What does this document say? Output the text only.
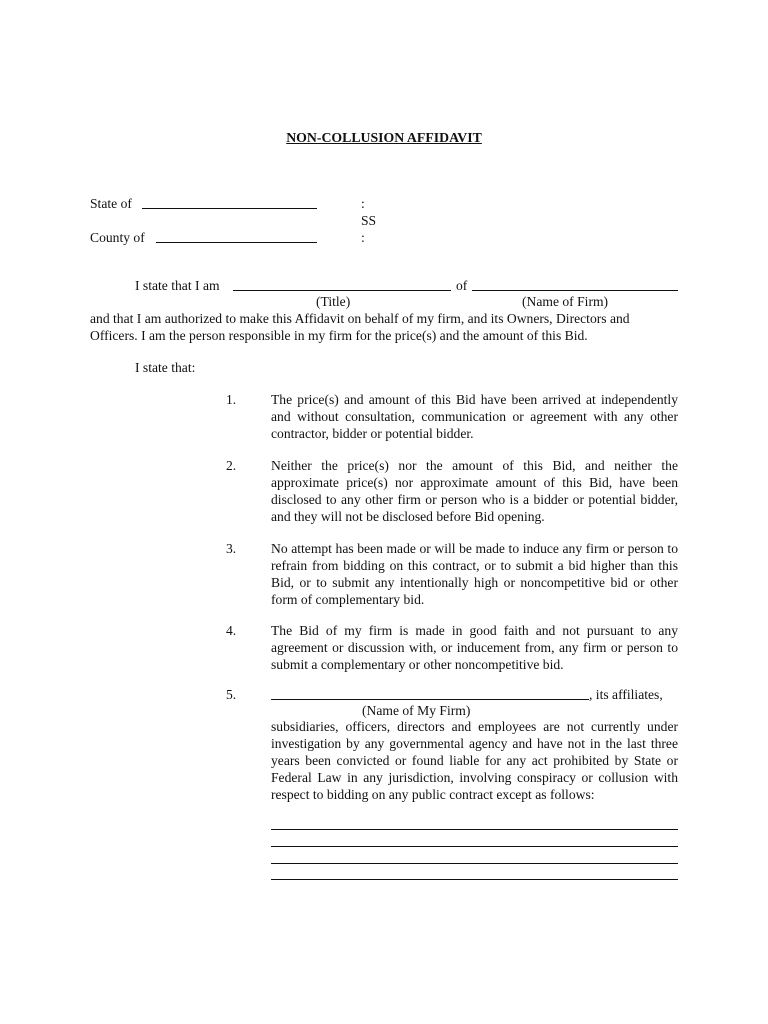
NON-COLLUSION AFFIDAVIT
State of
County of
:
SS
:
I state that I am	of
(Title)	(Name of Firm)
and that I am authorized to make this Affidavit on behalf of my firm, and its Owners, Directors and Officers. I am the person responsible in my firm for the price(s) and the amount of this Bid.
I state that:
1.	The price(s) and amount of this Bid have been arrived at independently and without consultation, communication or agreement with any other contractor, bidder or potential bidder.
2.	Neither the price(s) nor the amount of this Bid, and neither the approximate price(s) nor approximate amount of this Bid, have been disclosed to any other firm or person who is a bidder or potential bidder, and they will not be disclosed before Bid opening.
3.	No attempt has been made or will be made to induce any firm or person to refrain from bidding on this contract, or to submit a bid higher than this Bid, or to submit any intentionally high or noncompetitive bid or other form of complementary bid.
4.	The Bid of my firm is made in good faith and not pursuant to any agreement or discussion with, or inducement from, any firm or person to submit a complementary or other noncompetitive bid.
5.	, its affiliates,
(Name of My Firm)
subsidiaries, officers, directors and employees are not currently under investigation by any governmental agency and have not in the last three years been convicted or found liable for any act prohibited by State or Federal Law in any jurisdiction, involving conspiracy or collusion with respect to bidding on any public contract except as follows:
